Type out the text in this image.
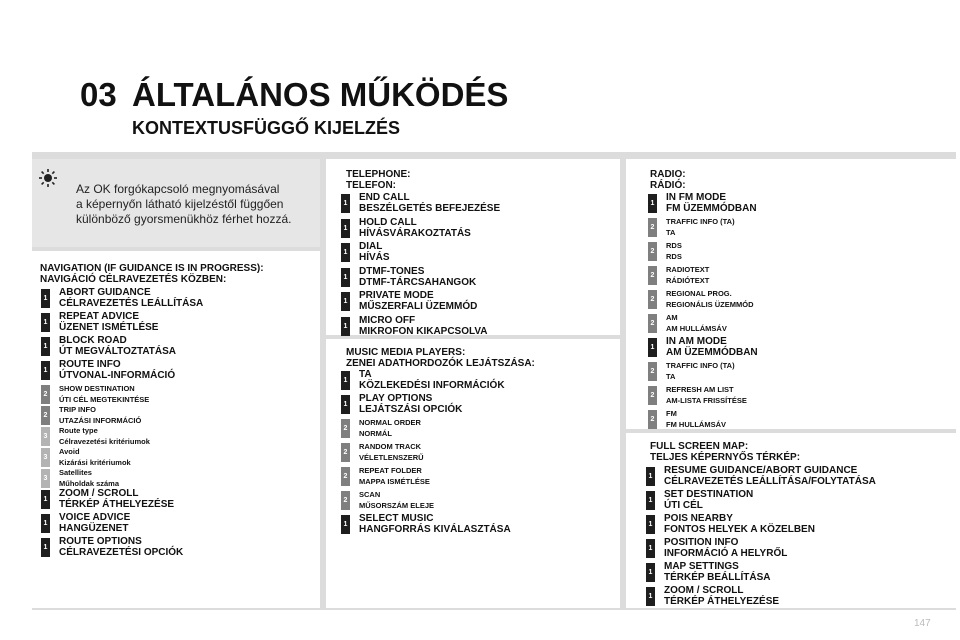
03 ÁLTALÁNOS MŰKÖDÉS
KONTEXTUSFÜGGŐ KIJELZÉS
Az OK forgókapcsoló megnyomásával
a képernyőn látható kijelzéstől függően
különböző gyorsmenükhöz férhet hozzá.
NAVIGATION (IF GUIDANCE IS IN PROGRESS):
NAVIGÁCIÓ CÉLRAVEZETÉS KÖZBEN:
TELEPHONE:
TELEFON:
MUSIC MEDIA PLAYERS:
ZENEI ADATHORDOZÓK LEJÁTSZÁSA:
RADIO:
RÁDIÓ:
FULL SCREEN MAP:
TELJES KÉPERNYŐS TÉRKÉP:
1
ABORT GUIDANCE
CÉLRAVEZETÉS LEÁLLÍTÁSA
1
REPEAT ADVICE
ÜZENET ISMÉTLÉSE
1
BLOCK ROAD
ÚT MEGVÁLTOZTATÁSA
1
ROUTE INFO
ÚTVONAL-INFORMÁCIÓ
2
SHOW DESTINATION
ÚTI CÉL MEGTEKINTÉSE
2
TRIP INFO
UTAZÁSI INFORMÁCIÓ
3
Route type
Célravezetési kritériumok
3
Avoid
Kizárási kritériumok
3
Satellites
Műholdak száma
1
ZOOM / SCROLL
TÉRKÉP ÁTHELYEZÉSE
1
VOICE ADVICE
HANGÜZENET
1
ROUTE OPTIONS
CÉLRAVEZETÉSI OPCIÓK
1
END CALL
BESZÉLGETÉS BEFEJEZÉSE
1
HOLD CALL
HÍVÁSVÁRAKOZTATÁS
1
DIAL
HÍVÁS
1
DTMF-TONES
DTMF-TÁRCSAHANGOK
1
PRIVATE MODE
MŰSZERFALI ÜZEMMÓD
1
MICRO OFF
MIKROFON KIKAPCSOLVA
1
TA
KÖZLEKEDÉSI INFORMÁCIÓK
1
PLAY OPTIONS
LEJÁTSZÁSI OPCIÓK
2
NORMAL ORDER
NORMÁL
2
RANDOM TRACK
VÉLETLENSZERŰ
2
REPEAT FOLDER
MAPPA ISMÉTLÉSE
2
SCAN
MŰSORSZÁM ELEJE
1
SELECT MUSIC
HANGFORRÁS KIVÁLASZTÁSA
1
IN FM MODE
FM ÜZEMMÓDBAN
2
TRAFFIC INFO (TA)
TA
2
RDS
RDS
2
RADIOTEXT
RÁDIÓTEXT
2
REGIONAL PROG.
REGIONÁLIS ÜZEMMÓD
2
AM
AM HULLÁMSÁV
1
IN AM MODE
AM ÜZEMMÓDBAN
2
TRAFFIC INFO (TA)
TA
2
REFRESH AM LIST
AM-LISTA FRISSÍTÉSE
2
FM
FM HULLÁMSÁV
1
RESUME GUIDANCE/ABORT GUIDANCE
CÉLRAVEZETÉS LEÁLLÍTÁSA/FOLYTATÁSA
1
SET DESTINATION
ÚTI CÉL
1
POIS NEARBY
FONTOS HELYEK A KÖZELBEN
1
POSITION INFO
INFORMÁCIÓ A HELYRŐL
1
MAP SETTINGS
TÉRKÉP BEÁLLÍTÁSA
1
ZOOM / SCROLL
TÉRKÉP ÁTHELYEZÉSE
147
